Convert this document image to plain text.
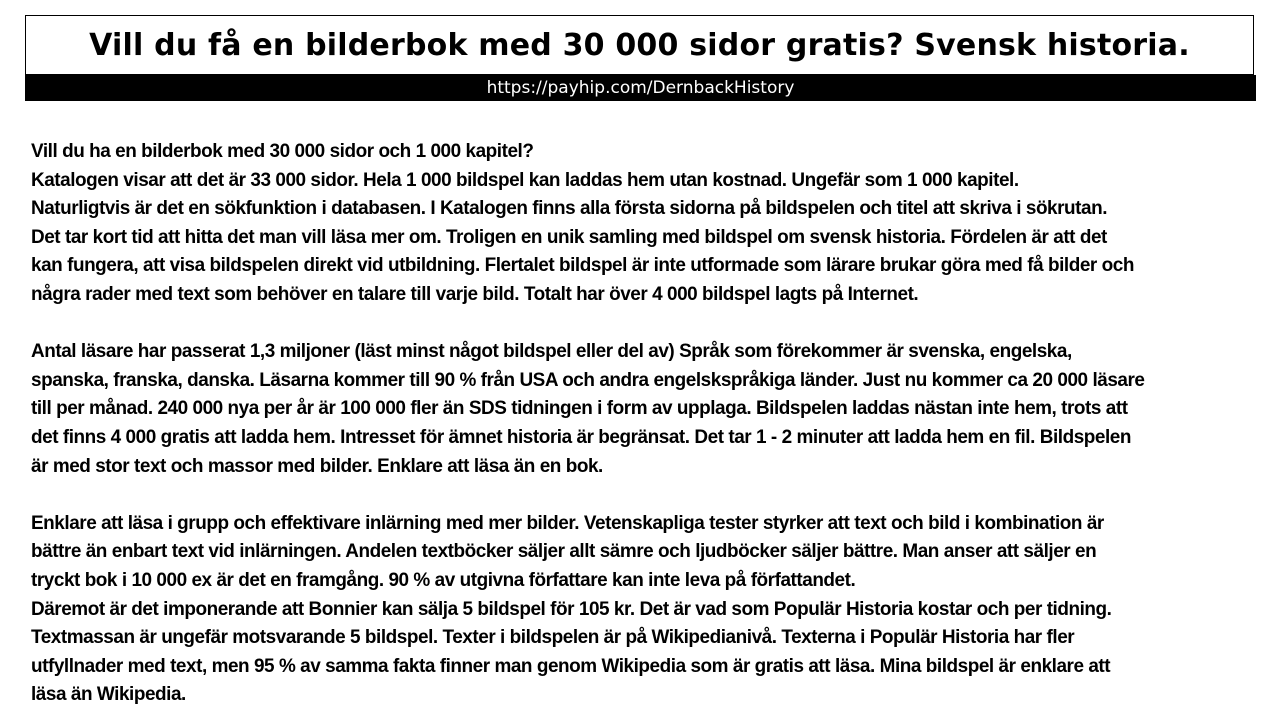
Vill du få en bilderbok med 30 000 sidor gratis? Svensk historia.
https://payhip.com/DernbackHistory
Vill du ha en bilderbok med 30 000 sidor och 1 000 kapitel?
Katalogen visar att det är 33 000 sidor. Hela 1 000 bildspel kan laddas hem utan kostnad. Ungefär som 1 000 kapitel.
Naturligtvis är det en sökfunktion i databasen. I Katalogen finns alla första sidorna på bildspelen och titel att skriva i sökrutan.
Det tar kort tid att hitta det man vill läsa mer om. Troligen en unik samling med bildspel om svensk historia. Fördelen är att det
kan fungera, att visa bildspelen direkt vid utbildning. Flertalet bildspel är inte utformade som lärare brukar göra med få bilder och
några rader med text som behöver en talare till varje bild. Totalt har över 4 000 bildspel lagts på Internet.
Antal läsare har passerat 1,3 miljoner (läst minst något bildspel eller del av) Språk som förekommer är svenska, engelska,
spanska, franska, danska. Läsarna kommer till 90 % från USA och andra engelskspråkiga länder. Just nu kommer ca 20 000 läsare
till per månad. 240 000 nya per år är 100 000 fler än SDS tidningen i form av upplaga. Bildspelen laddas nästan inte hem, trots att
det finns 4 000 gratis att ladda hem. Intresset för ämnet historia är begränsat. Det tar 1 - 2 minuter att ladda hem en fil. Bildspelen
är med stor text och massor med bilder. Enklare att läsa än en bok.
Enklare att läsa i grupp och effektivare inlärning med mer bilder. Vetenskapliga tester styrker att text och bild i kombination är
bättre än enbart text vid inlärningen. Andelen textböcker säljer allt sämre och ljudböcker säljer bättre. Man anser att säljer en
tryckt bok i 10 000 ex är det en framgång. 90 % av utgivna författare kan inte leva på författandet.
Däremot är det imponerande att Bonnier kan sälja 5 bildspel för 105 kr. Det är vad som Populär Historia kostar och per tidning.
Textmassan är ungefär motsvarande 5 bildspel. Texter i bildspelen är på Wikipedianivå. Texterna i Populär Historia har fler
utfyllnader med text, men 95 % av samma fakta finner man genom Wikipedia som är gratis att läsa. Mina bildspel är enklare att
läsa än Wikipedia.
